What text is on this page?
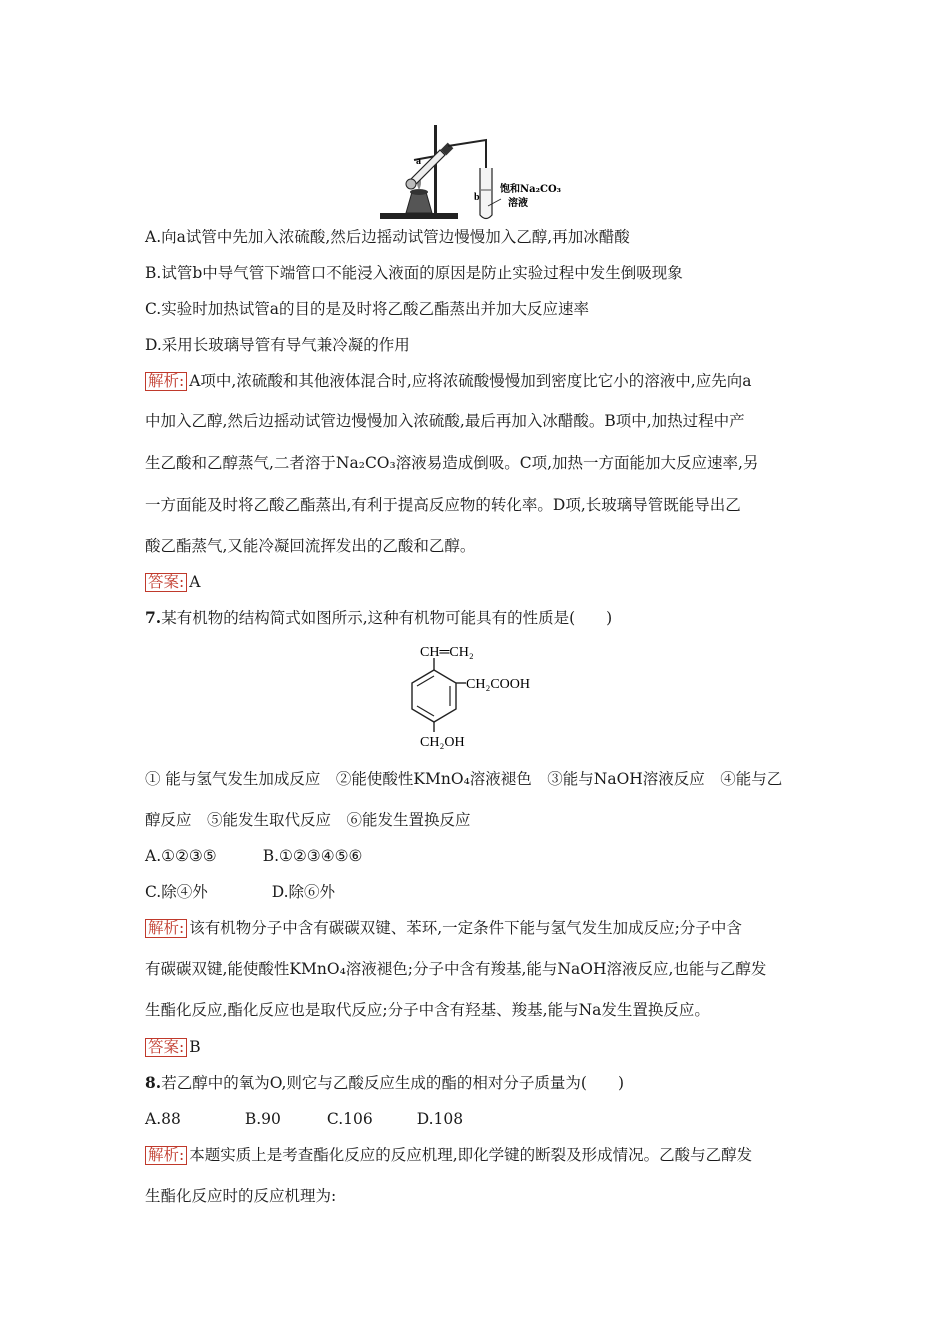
a
b
饱和Na₂CO₃
溶液
A.向a试管中先加入浓硫酸,然后边摇动试管边慢慢加入乙醇,再加冰醋酸
B.试管b中导气管下端管口不能浸入液面的原因是防止实验过程中发生倒吸现象
C.实验时加热试管a的目的是及时将乙酸乙酯蒸出并加大反应速率
D.采用长玻璃导管有导气兼冷凝的作用
解析: A项中,浓硫酸和其他液体混合时,应将浓硫酸慢慢加到密度比它小的溶液中,应先向a
中加入乙醇,然后边摇动试管边慢慢加入浓硫酸,最后再加入冰醋酸。B项中,加热过程中产
生乙酸和乙醇蒸气,二者溶于Na₂CO₃溶液易造成倒吸。C项,加热一方面能加大反应速率,另
一方面能及时将乙酸乙酯蒸出,有利于提高反应物的转化率。D项,长玻璃导管既能导出乙
酸乙酯蒸气,又能冷凝回流挥发出的乙酸和乙醇。
答案: A
7.某有机物的结构简式如图所示,这种有机物可能具有的性质是(　　)
CH═CH₂
CH₂COOH
CH₂OH
① 能与氢气发生加成反应　②能使酸性KMnO₄溶液褪色　③能与NaOH溶液反应　④能与乙
醇反应　⑤能发生取代反应　⑥能发生置换反应
A.①②③⑤	B.①②③④⑤⑥
C.除④外	D.除⑥外
解析: 该有机物分子中含有碳碳双键、苯环,一定条件下能与氢气发生加成反应;分子中含
有碳碳双键,能使酸性KMnO₄溶液褪色;分子中含有羧基,能与NaOH溶液反应,也能与乙醇发
生酯化反应,酯化反应也是取代反应;分子中含有羟基、羧基,能与Na发生置换反应。
答案: B
8.若乙醇中的氧为O,则它与乙酸反应生成的酯的相对分子质量为(　　)
A.88	B.90	C.106	D.108
解析: 本题实质上是考查酯化反应的反应机理,即化学键的断裂及形成情况。乙酸与乙醇发
生酯化反应时的反应机理为:
